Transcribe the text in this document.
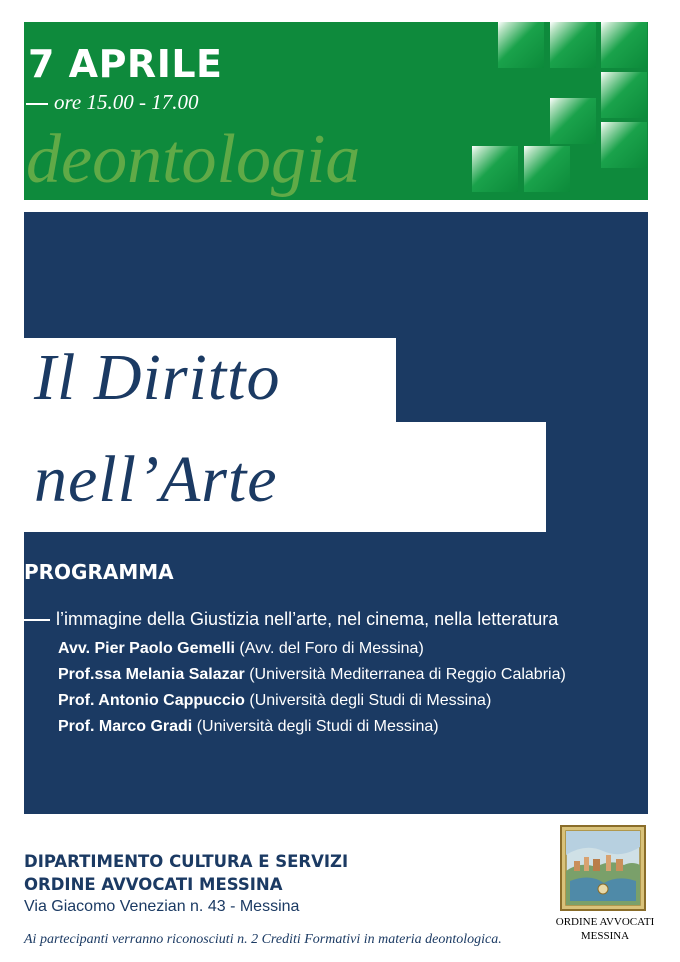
7 APRILE
ore 15.00 - 17.00
deontologia
Il Diritto
nell’Arte
PROGRAMMA
l’immagine della Giustizia nell’arte, nel cinema, nella letteratura
Avv. Pier Paolo Gemelli (Avv. del Foro di Messina)
Prof.ssa Melania Salazar (Università Mediterranea di Reggio Calabria)
Prof. Antonio Cappuccio (Università degli Studi di Messina)
Prof. Marco Gradi (Università degli Studi di Messina)
DIPARTIMENTO CULTURA E SERVIZI
ORDINE AVVOCATI MESSINA
Via Giacomo Venezian n. 43 - Messina
Ai partecipanti verranno riconosciuti n. 2 Crediti Formativi in materia deontologica.
ORDINE AVVOCATI
MESSINA
